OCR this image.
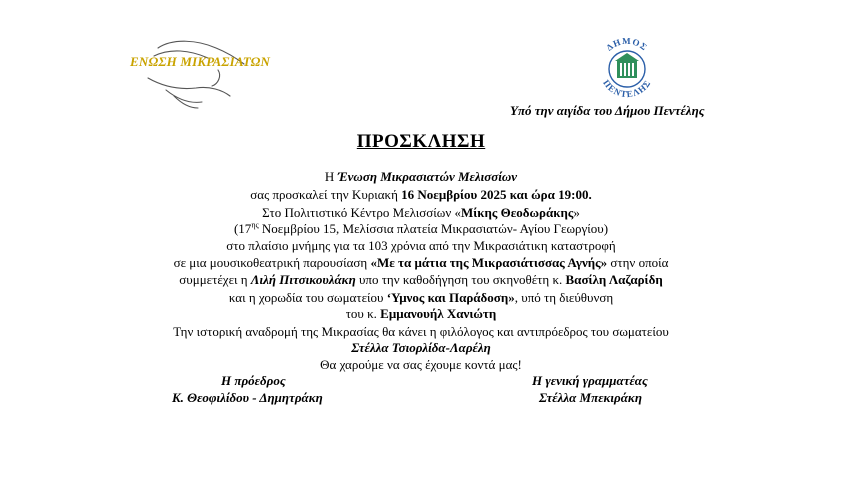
ΕΝΩΣΗ ΜΙΚΡΑΣΙΑΤΩΝ
ΔΗΜΟΣ
ΠΕΝΤΕΛΗΣ
Υπό την αιγίδα του Δήμου Πεντέλης
ΠΡΟΣΚΛΗΣΗ
Η Ένωση Μικρασιατών Μελισσίων
σας προσκαλεί την Κυριακή 16 Νοεμβρίου 2025 και ώρα 19:00.
Στο Πολιτιστικό Κέντρο Μελισσίων «Μίκης Θεοδωράκης»
($17^{\eta\varsigma}$ Νοεμβρίου 15, Μελίσσια πλατεία Μικρασιατών- Αγίου Γεωργίου)
στο πλαίσιο μνήμης για τα 103 χρόνια από την Μικρασιάτικη καταστροφή
σε μια μουσικοθεατρική παρουσίαση «Με τα μάτια της Μικρασιάτισσας Αγνής» στην οποία
συμμετέχει η Λιλή Πιτσικουλάκη υπο την καθοδήγηση του σκηνοθέτη κ. Βασίλη Λαζαρίδη
και η χορωδία του σωματείου ‘Υμνος και Παράδοση», υπό τη διεύθυνση
του κ. Εμμανουήλ Χανιώτη
Την ιστορική αναδρομή της Μικρασίας θα κάνει η φιλόλογος και αντιπρόεδρος του σωματείου
Στέλλα Τσιορλίδα-Λαρέλη
Θα χαρούμε να σας έχουμε κοντά μας!
Η πρόεδρος
Κ. Θεοφιλίδου - Δημητράκη
Η γενική γραμματέας
Στέλλα Μπεκιράκη
